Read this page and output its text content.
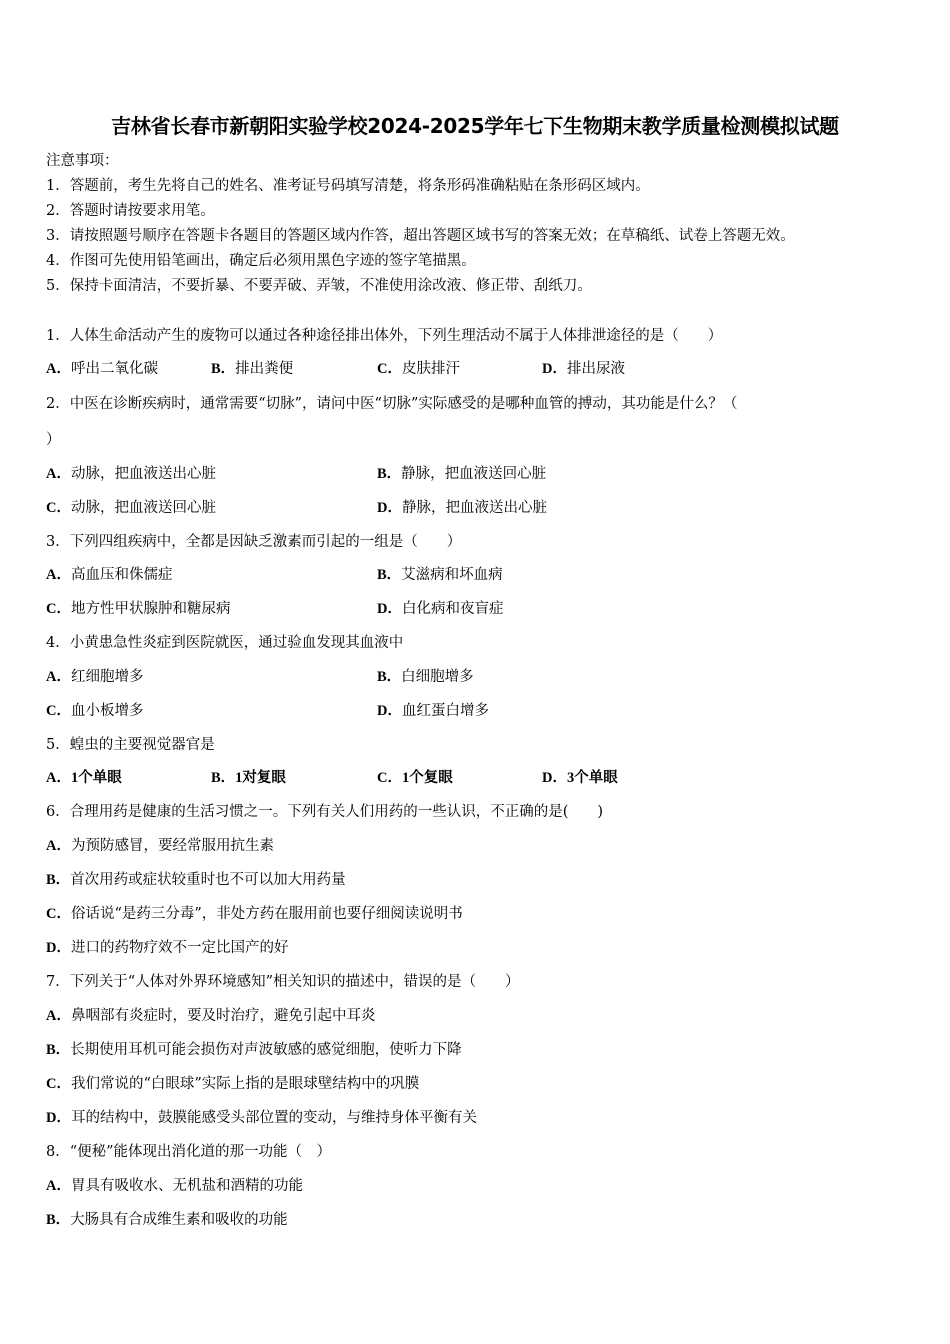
吉林省长春市新朝阳实验学校2024-2025学年七下生物期末教学质量检测模拟试题
注意事项：
1．答题前，考生先将自己的姓名、准考证号码填写清楚，将条形码准确粘贴在条形码区域内。
2．答题时请按要求用笔。
3．请按照题号顺序在答题卡各题目的答题区域内作答，超出答题区域书写的答案无效；在草稿纸、试卷上答题无效。
4．作图可先使用铅笔画出，确定后必须用黑色字迹的签字笔描黑。
5．保持卡面清洁，不要折暴、不要弄破、弄皱，不准使用涂改液、修正带、刮纸刀。
1．人体生命活动产生的废物可以通过各种途径排出体外，下列生理活动不属于人体排泄途径的是（　　）
A．呼出二氧化碳	B．排出粪便	C．皮肤排汗	D．排出尿液
2．中医在诊断疾病时，通常需要“切脉”，请问中医“切脉”实际感受的是哪种血管的搏动，其功能是什么？（
）
A．动脉，把血液送出心脏	B．静脉，把血液送回心脏
C．动脉，把血液送回心脏	D．静脉，把血液送出心脏
3．下列四组疾病中，全都是因缺乏激素而引起的一组是（　　）
A．高血压和侏儒症	B．艾滋病和坏血病
C．地方性甲状腺肿和糖尿病	D．白化病和夜盲症
4．小黄患急性炎症到医院就医，通过验血发现其血液中
A．红细胞增多	B．白细胞增多
C．血小板增多	D．血红蛋白增多
5．蝗虫的主要视觉器官是
A．1个单眼	B．1对复眼	C．1个复眼	D．3个单眼
6．合理用药是健康的生活习惯之一。下列有关人们用药的一些认识，不正确的是(　　)
A．为预防感冒，要经常服用抗生素
B．首次用药或症状较重时也不可以加大用药量
C．俗话说“是药三分毒”，非处方药在服用前也要仔细阅读说明书
D．进口的药物疗效不一定比国产的好
7．下列关于“人体对外界环境感知”相关知识的描述中，错误的是（　　）
A．鼻咽部有炎症时，要及时治疗，避免引起中耳炎
B．长期使用耳机可能会损伤对声波敏感的感觉细胞，使听力下降
C．我们常说的“白眼球”实际上指的是眼球壁结构中的巩膜
D．耳的结构中，鼓膜能感受头部位置的变动，与维持身体平衡有关
8．“便秘”能体现出消化道的那一功能（　）
A．胃具有吸收水、无机盐和酒精的功能
B．大肠具有合成维生素和吸收的功能
